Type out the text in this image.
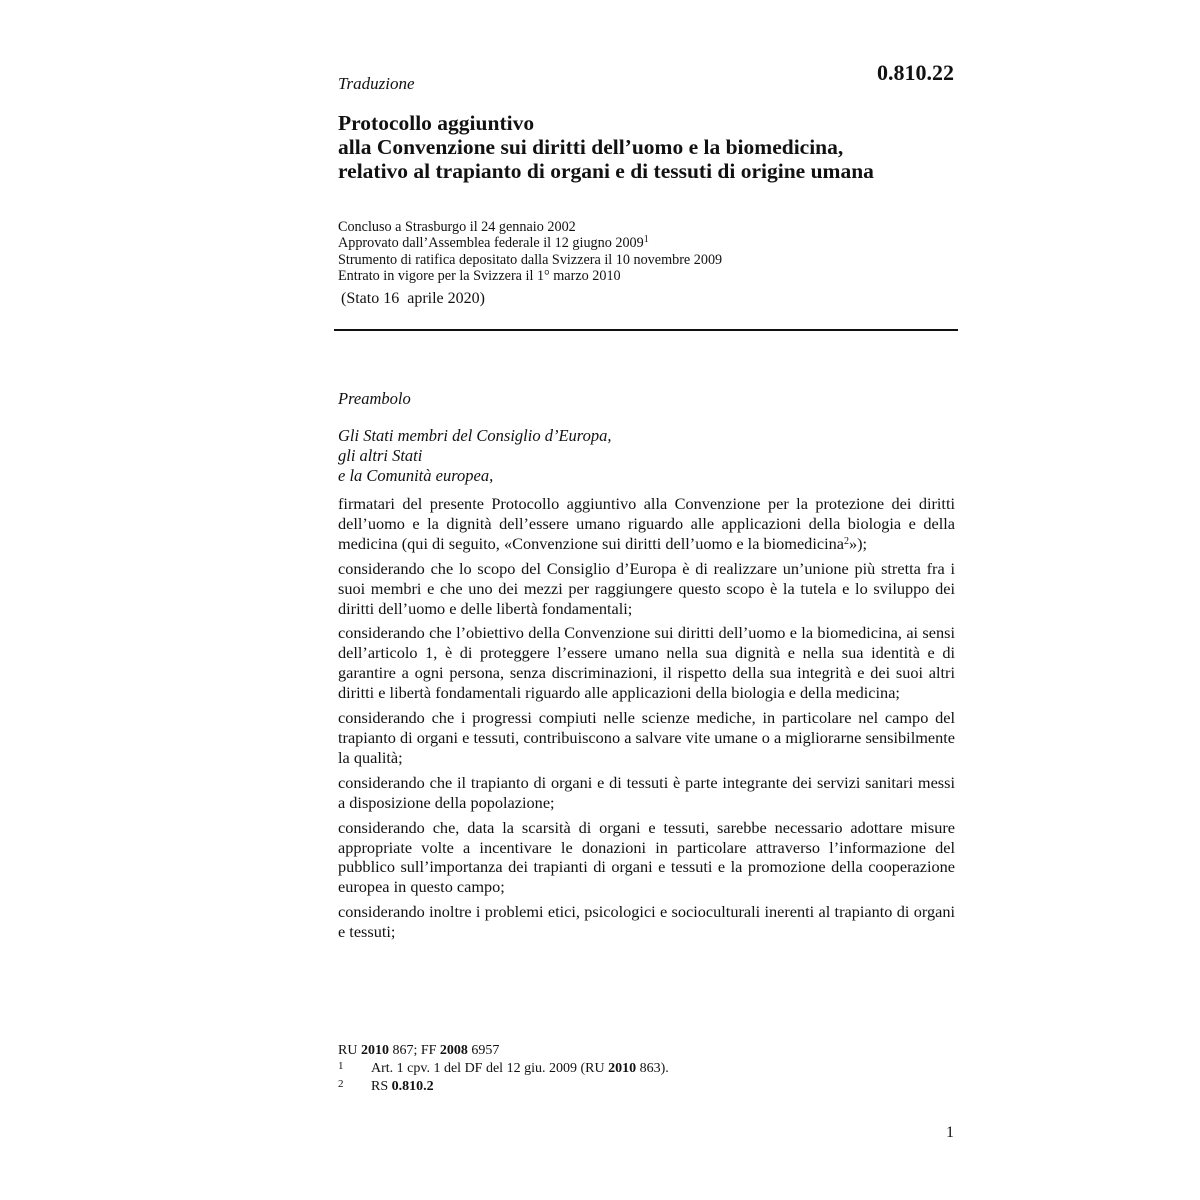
Traduzione	0.810.22
Protocollo aggiuntivo
alla Convenzione sui diritti dell’uomo e la biomedicina,
relativo al trapianto di organi e di tessuti di origine umana
Concluso a Strasburgo il 24 gennaio 2002
Approvato dall’Assemblea federale il 12 giugno 2009$^1$
Strumento di ratifica depositato dalla Svizzera il 10 novembre 2009
Entrato in vigore per la Svizzera il 1° marzo 2010
(Stato 16  aprile 2020)
Preambolo
Gli Stati membri del Consiglio d’Europa,
gli altri Stati
e la Comunità europea,

firmatari del presente Protocollo aggiuntivo alla Convenzione per la protezione dei diritti dell’uomo e la dignità dell’essere umano riguardo alle applicazioni della biologia e della medicina (qui di seguito, «Convenzione sui diritti dell’uomo e la biomedicina$^2$»);

considerando che lo scopo del Consiglio d’Europa è di realizzare un’unione più stretta fra i suoi membri e che uno dei mezzi per raggiungere questo scopo è la tutela e lo sviluppo dei diritti dell’uomo e delle libertà fondamentali;

considerando che l’obiettivo della Convenzione sui diritti dell’uomo e la biomedicina, ai sensi dell’articolo 1, è di proteggere l’essere umano nella sua dignità e nella sua identità e di garantire a ogni persona, senza discriminazioni, il rispetto della sua integrità e dei suoi altri diritti e libertà fondamentali riguardo alle applicazioni della biologia e della medicina;

considerando che i progressi compiuti nelle scienze mediche, in particolare nel campo del trapianto di organi e tessuti, contribuiscono a salvare vite umane o a migliorarne sensibilmente la qualità;

considerando che il trapianto di organi e di tessuti è parte integrante dei servizi sanitari messi a disposizione della popolazione;

considerando che, data la scarsità di organi e tessuti, sarebbe necessario adottare misure appropriate volte a incentivare le donazioni in particolare attraverso l’informazione del pubblico sull’importanza dei trapianti di organi e tessuti e la promozione della cooperazione europea in questo campo;

considerando inoltre i problemi etici, psicologici e socioculturali inerenti al trapianto di organi e tessuti;

RU 2010 867; FF 2008 6957
1 Art. 1 cpv. 1 del DF del 12 giu. 2009 (RU 2010 863).
2 RS 0.810.2
1
